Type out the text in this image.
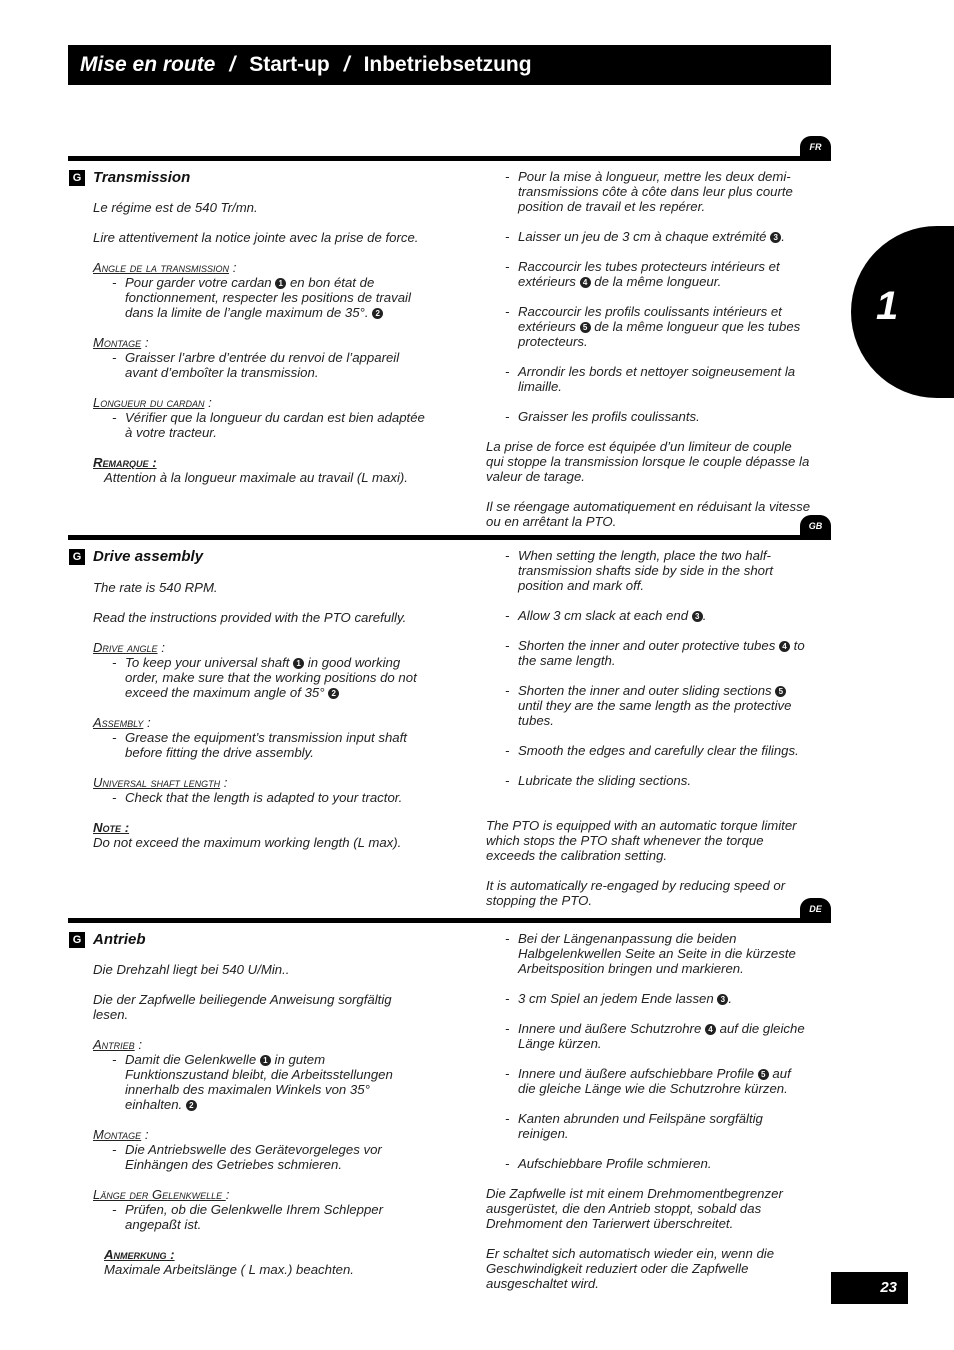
Mise en route / Start-up / Inbetriebsetzung
1
FR
G Transmission

Le régime est de 540 Tr/mn.

Lire attentivement la notice jointe avec la prise de force.

Angle de la transmission :

- Pour garder votre cardan 1 en bon état de fonctionnement, respecter les positions de travail dans la limite de l’angle maximum de 35°. 2

Montage :

- Graisser l’arbre d’entrée du renvoi de l’appareil avant d’emboîter la transmission.

Longueur du cardan :

- Vérifier que la longueur du cardan est bien adaptée à votre tracteur.

Remarque :

Attention à la longueur maximale au travail (L maxi).

- Pour la mise à longueur, mettre les deux demi-transmissions côte à côte dans leur plus courte position de travail et les repérer.
- Laisser un jeu de 3 cm à chaque extrémité 3 .
- Raccourcir les tubes protecteurs intérieurs et extérieurs 4 de la même longueur.
- Raccourcir les profils coulissants intérieurs et extérieurs 5 de la même longueur que les tubes protecteurs.
- Arrondir les bords et nettoyer soigneusement la limaille.
- Graisser les profils coulissants.

La prise de force est équipée d’un limiteur de couple qui stoppe la transmission lorsque le couple dépasse la valeur de tarage.

Il se réengage automatiquement en réduisant la vitesse ou en arrêtant la PTO.	GB
G Drive assembly

The rate is 540 RPM.

Read the instructions provided with the PTO carefully.

Drive angle :

- To keep your universal shaft 1 in good working order, make sure that the working positions do not exceed the maximum angle of 35° 2

Assembly :

- Grease the equipment’s transmission input shaft before fitting the drive assembly.

Universal shaft length :

- Check that the length is adapted to your tractor.

Note :

Do not exceed the maximum working length (L max).

- When setting the length, place the two half-transmission shafts side by side in the short position and mark off.
- Allow 3 cm slack at each end 3 .
- Shorten the inner and outer protective tubes 4 to the same length.
- Shorten the inner and outer sliding sections 5 until they are the same length as the protective tubes.
- Smooth the edges and carefully clear the filings.
- Lubricate the sliding sections.

The PTO is equipped with an automatic torque limiter which stops the PTO shaft whenever the torque exceeds the calibration setting.

It is automatically re-engaged by reducing speed or stopping the PTO.

DE
G Antrieb

Die Drehzahl liegt bei 540 U/Min..

Die der Zapfwelle beiliegende Anweisung sorgfältig lesen.

Antrieb :

- Damit die Gelenkwelle 1 in gutem Funktionszustand bleibt, die Arbeitsstellungen innerhalb des maximalen Winkels von 35° einhalten. 2

Montage :

- Die Antriebswelle des Gerätevorgeleges vor Einhängen des Getriebes schmieren.

Länge der Gelenkwelle :

- Prüfen, ob die Gelenkwelle Ihrem Schlepper angepaßt ist.

Anmerkung :

Maximale Arbeitslänge ( L max.) beachten.

- Bei der Längenanpassung die beiden Halbgelenkwellen Seite an Seite in die kürzeste Arbeitsposition bringen und markieren.
- 3 cm Spiel an jedem Ende lassen 3 .
- Innere und äußere Schutzrohre 4 auf die gleiche Länge kürzen.
- Innere und äußere aufschiebbare Profile 5 auf die gleiche Länge wie die Schutzrohre kürzen.
- Kanten abrunden und Feilspäne sorgfältig reinigen.
- Aufschiebbare Profile schmieren.

Die Zapfwelle ist mit einem Drehmomentbegrenzer ausgerüstet, die den Antrieb stoppt, sobald das Drehmoment den Tarierwert überschreitet.

Er schaltet sich automatisch wieder ein, wenn die Geschwindigkeit reduziert oder die Zapfwelle ausgeschaltet wird.	23
